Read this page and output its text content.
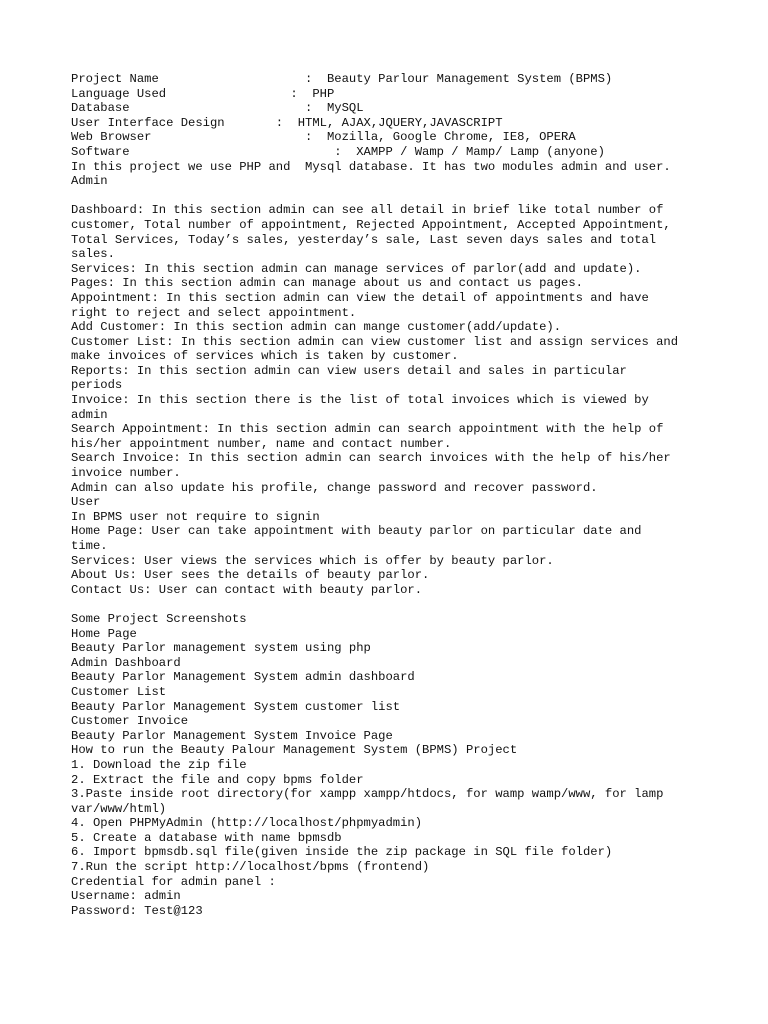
Project Name                    :  Beauty Parlour Management System (BPMS)
Language Used                 :  PHP
Database                        :  MySQL
User Interface Design       :  HTML, AJAX,JQUERY,JAVASCRIPT
Web Browser                     :  Mozilla, Google Chrome, IE8, OPERA
Software                            :  XAMPP / Wamp / Mamp/ Lamp (anyone)
In this project we use PHP and  Mysql database. It has two modules admin and user.
Admin
Dashboard: In this section admin can see all detail in brief like total number of
customer, Total number of appointment, Rejected Appointment, Accepted Appointment,
Total Services, Today’s sales, yesterday’s sale, Last seven days sales and total
sales.
Services: In this section admin can manage services of parlor(add and update).
Pages: In this section admin can manage about us and contact us pages.
Appointment: In this section admin can view the detail of appointments and have
right to reject and select appointment.
Add Customer: In this section admin can mange customer(add/update).
Customer List: In this section admin can view customer list and assign services and
make invoices of services which is taken by customer.
Reports: In this section admin can view users detail and sales in particular
periods
Invoice: In this section there is the list of total invoices which is viewed by
admin
Search Appointment: In this section admin can search appointment with the help of
his/her appointment number, name and contact number.
Search Invoice: In this section admin can search invoices with the help of his/her
invoice number.
Admin can also update his profile, change password and recover password.
User
In BPMS user not require to signin
Home Page: User can take appointment with beauty parlor on particular date and
time.
Services: User views the services which is offer by beauty parlor.
About Us: User sees the details of beauty parlor.
Contact Us: User can contact with beauty parlor.
Some Project Screenshots
Home Page
Beauty Parlor management system using php
Admin Dashboard
Beauty Parlor Management System admin dashboard
Customer List
Beauty Parlor Management System customer list
Customer Invoice
Beauty Parlor Management System Invoice Page
How to run the Beauty Palour Management System (BPMS) Project
1. Download the zip file
2. Extract the file and copy bpms folder
3.Paste inside root directory(for xampp xampp/htdocs, for wamp wamp/www, for lamp
var/www/html)
4. Open PHPMyAdmin (http://localhost/phpmyadmin)
5. Create a database with name bpmsdb
6. Import bpmsdb.sql file(given inside the zip package in SQL file folder)
7.Run the script http://localhost/bpms (frontend)
Credential for admin panel :
Username: admin
Password: Test@123
